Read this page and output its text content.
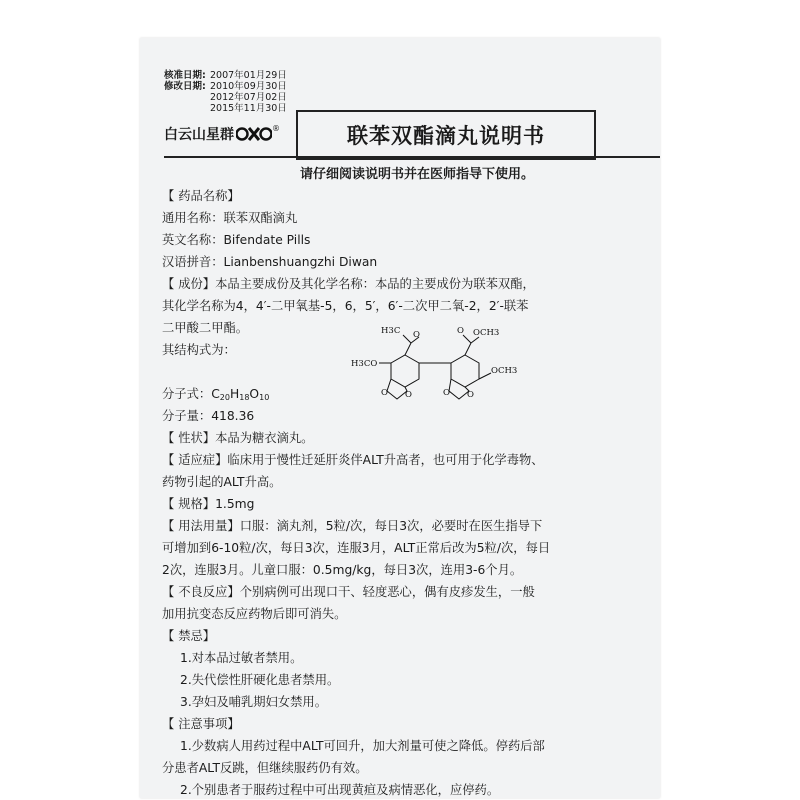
核准日期: 2007年01月29日
修改日期: 2010年09月30日
2012年07月02日
2015年11月30日
白云山星群	®	联苯双酯滴丸说明书
请仔细阅读说明书并在医师指导下使用。
【 药品名称】
通用名称：联苯双酯滴丸
英文名称：Bifendate Pills
汉语拼音：Lianbenshuangzhi Diwan
【 成份】本品主要成份及其化学名称：本品的主要成份为联苯双酯，
其化学名称为4，4′-二甲氧基-5，6，5′，6′-二次甲二氧-2，2′-联苯
二甲酸二甲酯。
其结构式为：
分子式：$C_{20}H_{18}O_{10}$
分子量：418.36
【 性状】本品为糖衣滴丸。
【 适应症】临床用于慢性迁延肝炎伴ALT升高者，也可用于化学毒物、
药物引起的ALT升高。
【 规格】1.5mg
【 用法用量】口服：滴丸剂，5粒/次，每日3次，必要时在医生指导下
可增加到6-10粒/次，每日3次，连服3月，ALT正常后改为5粒/次，每日
2次，连服3月。儿童口服：0.5mg/kg，每日3次，连用3-6个月。
【 不良反应】个别病例可出现口干、轻度恶心，偶有皮疹发生，一般
加用抗变态反应药物后即可消失。
【 禁忌】
1.对本品过敏者禁用。
2.失代偿性肝硬化患者禁用。
3.孕妇及哺乳期妇女禁用。
【 注意事项】
1.少数病人用药过程中ALT可回升，加大剂量可使之降低。停药后部
分患者ALT反跳，但继续服药仍有效。
2.个别患者于服药过程中可出现黄疸及病情恶化，应停药。
H3C O	O OCH3
H3CO
OCH3
O O	O O
